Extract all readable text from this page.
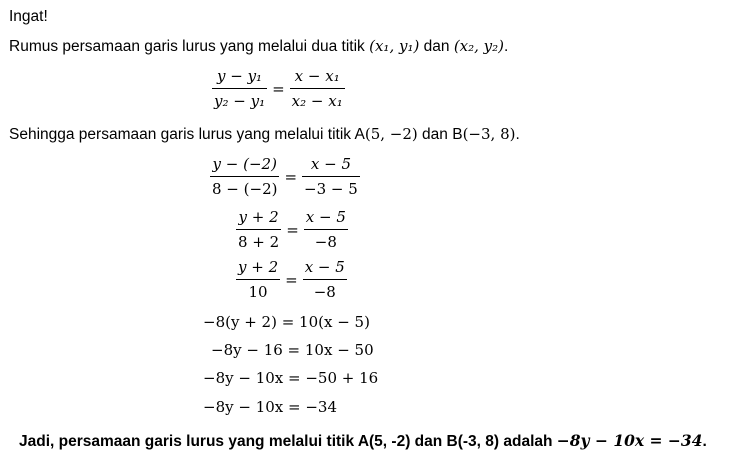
Ingat!
Rumus persamaan garis lurus yang melalui dua titik (x₁, y₁) dan (x₂, y₂).
$\frac{\text{y − y₁}}{\text{y₂ − y₁}} = \frac{\text{x − x₁}}{\text{x₂ − x₁}}$
Sehingga persamaan garis lurus yang melalui titik A(5, −2) dan B(−3, 8).
$\frac{y - (-2)}{8 - (-2)} = \frac{x - 5}{-3 - 5}$
$\frac{y + 2}{8 + 2} = \frac{x - 5}{-8}$
$\frac{y + 2}{10} = \frac{x - 5}{-8}$
−8(y + 2) = 10(x − 5)
−8y − 16 = 10x − 50
−8y − 10x = −50 + 16
−8y − 10x = −34
Jadi, persamaan garis lurus yang melalui titik A(5, -2) dan B(-3, 8) adalah −8y − 10x = −34.
